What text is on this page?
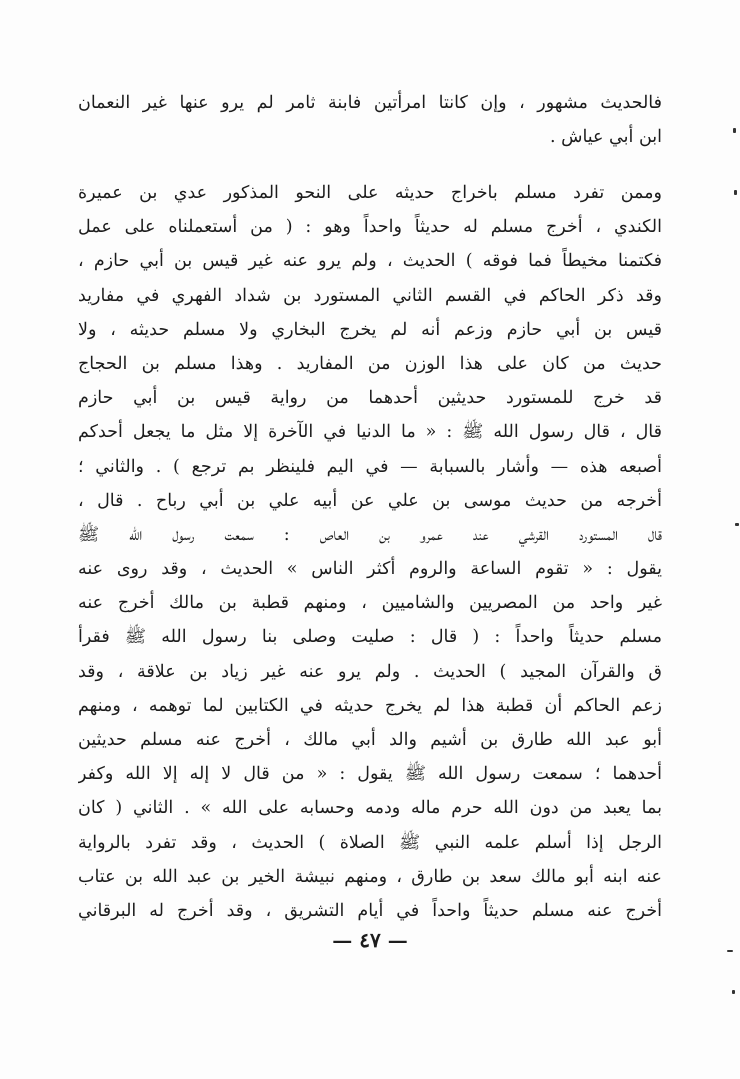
فالحديث مشهور ، وإن كانتا امرأتين فابنة ثامر لم يرو عنها غير النعمان
ابن أبي عياش .
وممن تفرد مسلم باخراج حديثه على النحو المذكور عدي بن عميرة
الكندي ، أخرج مسلم له حديثاً واحداً وهو : ( من أستعملناه على عمل
فكتمنا مخيطاً فما فوقه ) الحديث ، ولم يرو عنه غير قيس بن أبي حازم ،
وقد ذكر الحاكم في القسم الثاني المستورد بن شداد الفهري في مفاريد
قيس بن أبي حازم وزعم أنه لم يخرج البخاري ولا مسلم حديثه ، ولا
حديث من كان على هذا الوزن من المفاريد . وهذا مسلم بن الحجاج
قد خرج للمستورد حديثين أحدهما من رواية قيس بن أبي حازم
قال ، قال رسول الله ﷺ : « ما الدنيا في الآخرة إلا مثل ما يجعل أحدكم
أصبعه هذه — وأشار بالسبابة — في اليم فلينظر بم ترجع ) . والثاني ؛
أخرجه من حديث موسى بن علي عن أبيه علي بن أبي رباح . قال ،
قال المستورد القرشي عند عمرو بن العاص : سمعت رسول الله ﷺ
يقول : « تقوم الساعة والروم أكثر الناس » الحديث ، وقد روى عنه
غير واحد من المصريين والشاميين ، ومنهم قطبة بن مالك أخرج عنه
مسلم حديثاً واحداً : ( قال : صليت وصلى بنا رسول الله ﷺ فقرأ
ق والقرآن المجيد ) الحديث . ولم يرو عنه غير زياد بن علاقة ، وقد
زعم الحاكم أن قطبة هذا لم يخرج حديثه في الكتابين لما توهمه ، ومنهم
أبو عبد الله طارق بن أشيم والد أبي مالك ، أخرج عنه مسلم حديثين
أحدهما ؛ سمعت رسول الله ﷺ يقول : « من قال لا إله إلا الله وكفر
بما يعبد من دون الله حرم ماله ودمه وحسابه على الله » . الثاني ( كان
الرجل إذا أسلم علمه النبي ﷺ الصلاة ) الحديث ، وقد تفرد بالرواية
عنه ابنه أبو مالك سعد بن طارق ، ومنهم نبيشة الخير بن عبد الله بن عتاب
أخرج عنه مسلم حديثاً واحداً في أيام التشريق ، وقد أخرج له البرقاني
— ٤٧ —
